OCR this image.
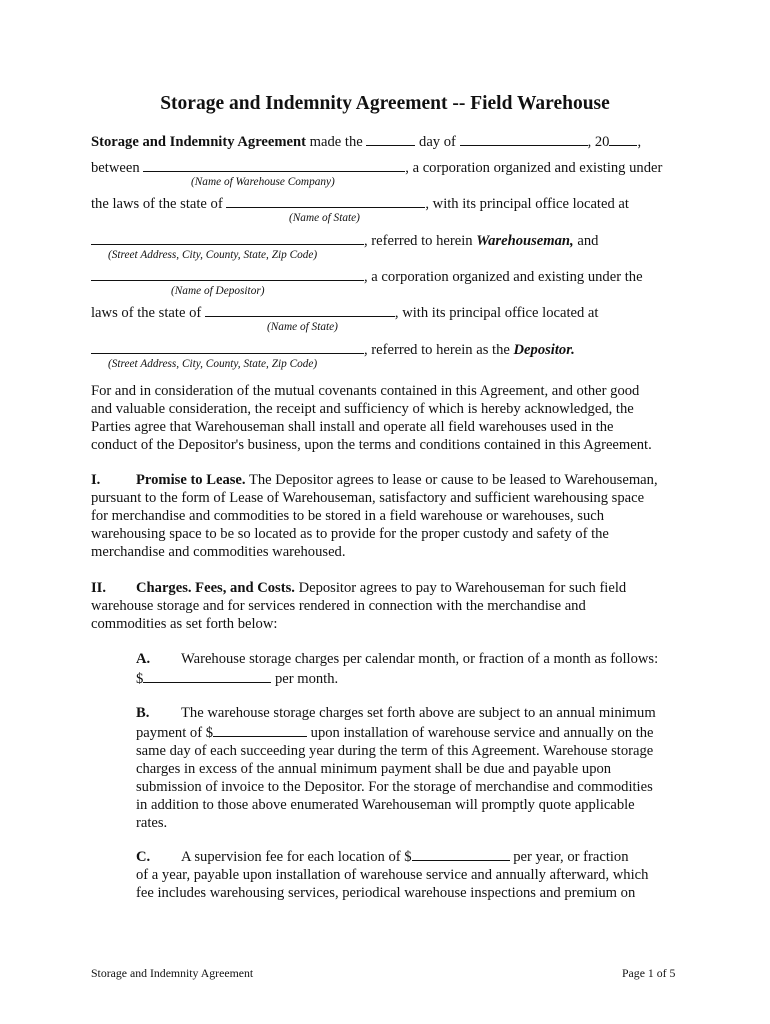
Storage and Indemnity Agreement -- Field Warehouse
Storage and Indemnity Agreement made the	day of	, 20 ,
between	, a corporation organized and existing under
(Name of Warehouse Company)
the laws of the state of	, with its principal office located at
(Name of State)
, referred to herein Warehouseman, and
(Street Address, City, County, State, Zip Code)
, a corporation organized and existing under the
(Name of Depositor)
laws of the state of	, with its principal office located at
(Name of State)
, referred to herein as the Depositor.
(Street Address, City, County, State, Zip Code)
For and in consideration of the mutual covenants contained in this Agreement, and other good
and valuable consideration, the receipt and sufficiency of which is hereby acknowledged, the
Parties agree that Warehouseman shall install and operate all field warehouses used in the
conduct of the Depositor's business, upon the terms and conditions contained in this Agreement.
I. Promise to Lease. The Depositor agrees to lease or cause to be leased to Warehouseman,
pursuant to the form of Lease of Warehouseman, satisfactory and sufficient warehousing space
for merchandise and commodities to be stored in a field warehouse or warehouses, such
warehousing space to be so located as to provide for the proper custody and safety of the
merchandise and commodities warehoused.
II. Charges. Fees, and Costs. Depositor agrees to pay to Warehouseman for such field
warehouse storage and for services rendered in connection with the merchandise and
commodities as set forth below:
A. Warehouse storage charges per calendar month, or fraction of a month as follows:
$	per month.
B. The warehouse storage charges set forth above are subject to an annual minimum
payment of $	upon installation of warehouse service and annually on the
same day of each succeeding year during the term of this Agreement. Warehouse storage
charges in excess of the annual minimum payment shall be due and payable upon
submission of invoice to the Depositor. For the storage of merchandise and commodities
in addition to those above enumerated Warehouseman will promptly quote applicable
rates.
C. A supervision fee for each location of $	per year, or fraction
of a year, payable upon installation of warehouse service and annually afterward, which
fee includes warehousing services, periodical warehouse inspections and premium on
Storage and Indemnity Agreement	Page 1 of 5
